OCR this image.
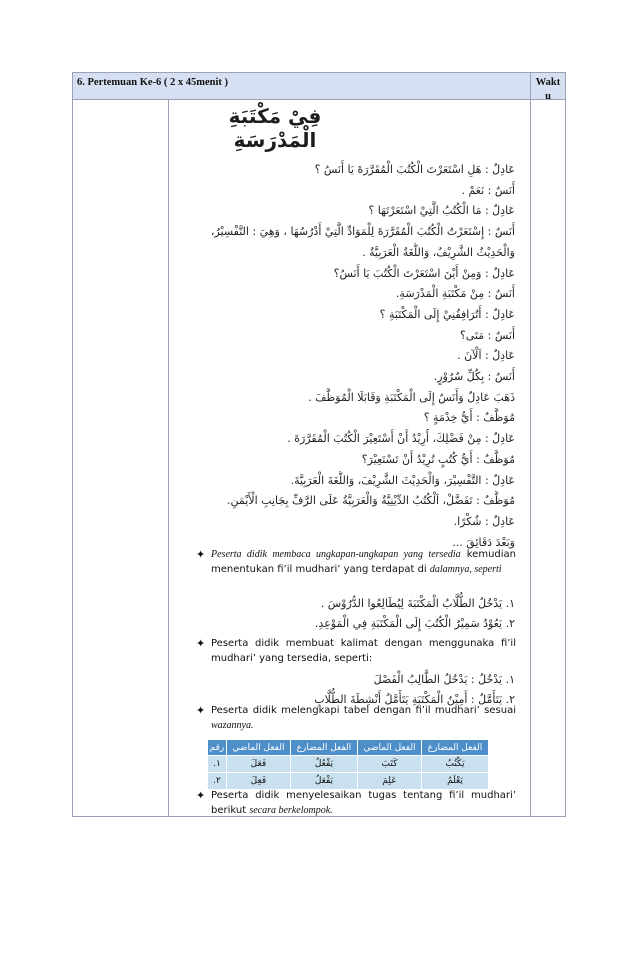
6. Pertemuan Ke-6 ( 2 x 45menit )	Wakt
u
فِيْ مَكْتَبَةِ الْمَدْرَسَةِ
عَادِلٌ : هَلِ اسْتَعَرْتَ الْكُتُبَ الْمُقَرَّرَةَ يَا أَنَسُ ؟
أَنَسٌ : نَعَمْ .
عَادِلٌ : مَا الْكُتُبُ الَّتِيْ اسْتَعَرْتَهَا ؟
أَنَسٌ : إِسْتَعَرْتُ الْكُتُبَ الْمُقَرَّرَةَ لِلْمَوَادِّ الَّتِيْ أَدْرُسُهَا ، وَهِيَ : التَّفْسِيْرُ،
وَالْحَدِيْثُ الشَّرِيْفُ، وَاللُّغَةُ الْعَرَبِيَّةُ .
عَادِلٌ : وَمِنْ أَيْنَ اسْتَعَرْتَ الْكُتُبَ يَا أَنَسُ؟
أَنَسٌ : مِنْ مَكْتَبَةِ الْمَدْرَسَةِ.
عَادِلٌ : أَتُرَافِقُنِيْ إِلَى الْمَكْتَبَةِ ؟
أَنَسٌ : مَتَى؟
عَادِلٌ : اَلْآنَ .
أَنَسٌ : بِكُلِّ سُرُوْرٍ.
ذَهَبَ عَادِلٌ وَأَنَسٌ إِلَى الْمَكْتَبَةِ وَقَابَلَا الْمُوَظَّفَ .
مُوَظَّفٌ : أَيُّ خِدْمَةٍ ؟
عَادِلٌ : مِنْ فَضْلِكَ، أُرِيْدُ أَنْ أَسْتَعِيْرَ الْكُتُبَ الْمُقَرَّرَةَ .
مُوَظَّفٌ : أَيُّ كُتُبٍ تُرِيْدُ أَنْ تَسْتَعِيْرَ؟
عَادِلٌ : التَّفْسِيْرَ، وَالْحَدِيْثَ الشَّرِيْفَ، وَاللُّغَةَ الْعَرَبِيَّةَ.
مُوَظَّفٌ : تَفَضَّلْ، اَلْكُتُبُ الدِّيْنِيَّةُ وَالْعَرَبِيَّةُ عَلَى الرَّفِّ بِجَانِبِ الْأَيْمَنِ.
عَادِلٌ : شُكْرًا.
وَبَعْدَ دَقَائِقَ ...
✦ Peserta didik membaca ungkapan-ungkapan yang tersedia kemudian menentukan fi’il mudhari’ yang terdapat di dalamnya, seperti
١. يَدْخُلُ الطُّلَّابُ الْمَكْتَبَةَ لِيُطَالِعُوا الدُّرُوْسَ .
٢. يَعُوْدُ سَمِيْرٌ الْكُتُبَ إِلَى الْمَكْتَبَةِ فِي الْمَوْعِدِ.
✦ Peserta didik membuat kalimat dengan menggunaka fi’il mudhari’ yang tersedia, seperti:
١. يَدْخُلُ : يَدْخُلُ الطَّالِبُ الْفَصْلَ
٢. يَتَأَمَّلُ : أَمِيْنُ الْمَكْتَبَةِ يَتَأَمَّلُ أَنْشِطَةَ الطُّلَّابِ
✦ Peserta didik melengkapi tabel dengan fi’il mudhari’ sesuai wazannya.
رقم	الفعل الماضي	الفعل المضارع	الفعل الماضي	الفعل المضارع
١.	فَعَلَ	يَفْعُلُ	كَتَبَ	يَكْتُبُ
٢.	فَعِلَ	يَفْعَلُ	عَلِمَ	يَعْلَمُ
✦ Peserta didik menyelesaikan tugas tentang fi’il mudhari’ berikut secara berkelompok.
